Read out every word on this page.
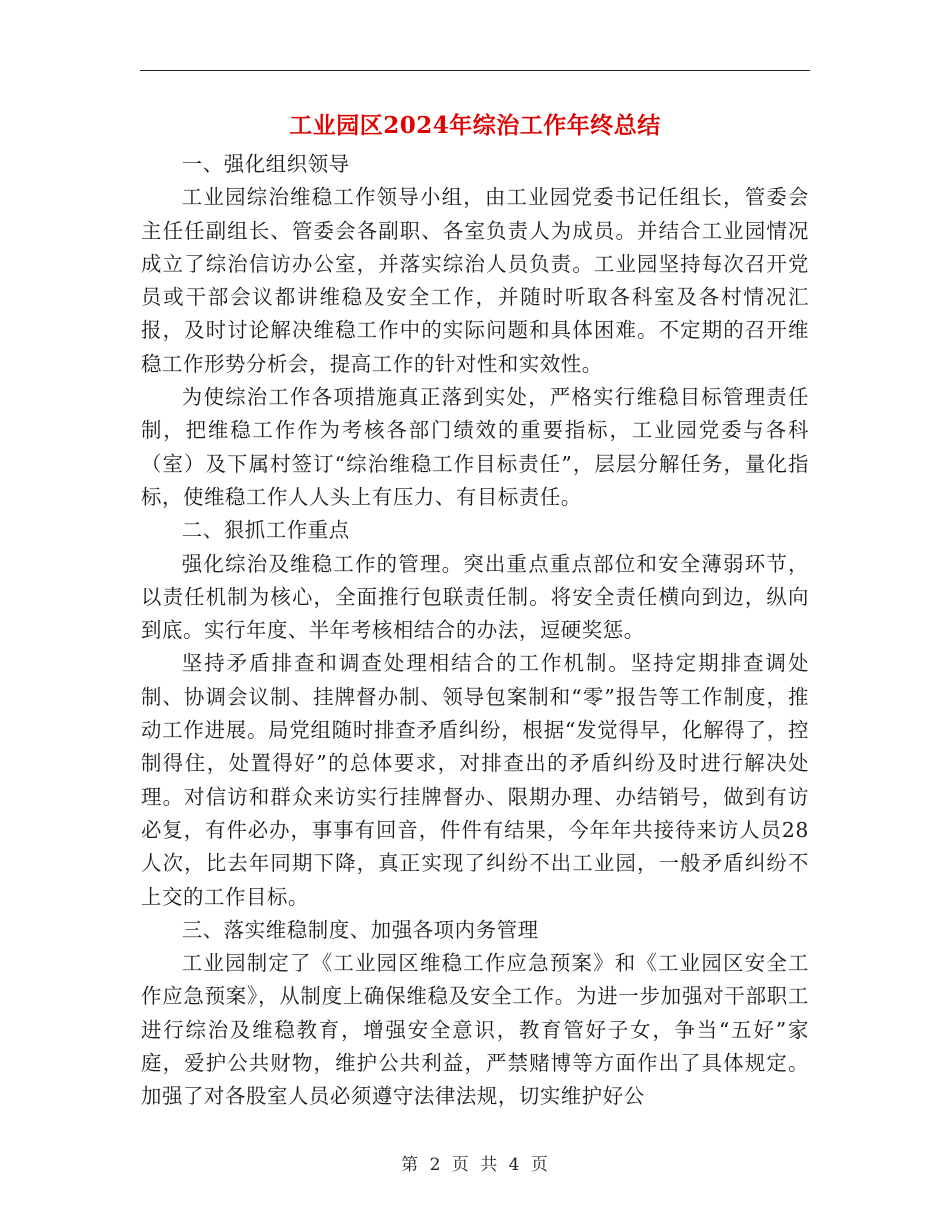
工业园区2024年综治工作年终总结

一、强化组织领导

工业园综治维稳工作领导小组，由工业园党委书记任组长，管委会主任任副组长、管委会各副职、各室负责人为成员。并结合工业园情况成立了综治信访办公室，并落实综治人员负责。工业园坚持每次召开党员或干部会议都讲维稳及安全工作，并随时听取各科室及各村情况汇报，及时讨论解决维稳工作中的实际问题和具体困难。不定期的召开维稳工作形势分析会，提高工作的针对性和实效性。

为使综治工作各项措施真正落到实处，严格实行维稳目标管理责任制，把维稳工作作为考核各部门绩效的重要指标，工业园党委与各科（室）及下属村签订“综治维稳工作目标责任”，层层分解任务，量化指标，使维稳工作人人头上有压力、有目标责任。

二、狠抓工作重点

强化综治及维稳工作的管理。突出重点重点部位和安全薄弱环节，以责任机制为核心，全面推行包联责任制。将安全责任横向到边，纵向到底。实行年度、半年考核相结合的办法，逗硬奖惩。

坚持矛盾排查和调查处理相结合的工作机制。坚持定期排查调处制、协调会议制、挂牌督办制、领导包案制和“零”报告等工作制度，推动工作进展。局党组随时排查矛盾纠纷，根据“发觉得早，化解得了，控制得住，处置得好”的总体要求，对排查出的矛盾纠纷及时进行解决处理。对信访和群众来访实行挂牌督办、限期办理、办结销号，做到有访必复，有件必办，事事有回音，件件有结果，今年年共接待来访人员28人次，比去年同期下降，真正实现了纠纷不出工业园，一般矛盾纠纷不上交的工作目标。

三、落实维稳制度、加强各项内务管理

工业园制定了《工业园区维稳工作应急预案》和《工业园区安全工作应急预案》，从制度上确保维稳及安全工作。为进一步加强对干部职工进行综治及维稳教育，增强安全意识，教育管好子女，争当“五好”家庭，爱护公共财物，维护公共利益，严禁赌博等方面作出了具体规定。加强了对各股室人员必须遵守法律法规，切实维护好公

第 2 页 共 4 页
